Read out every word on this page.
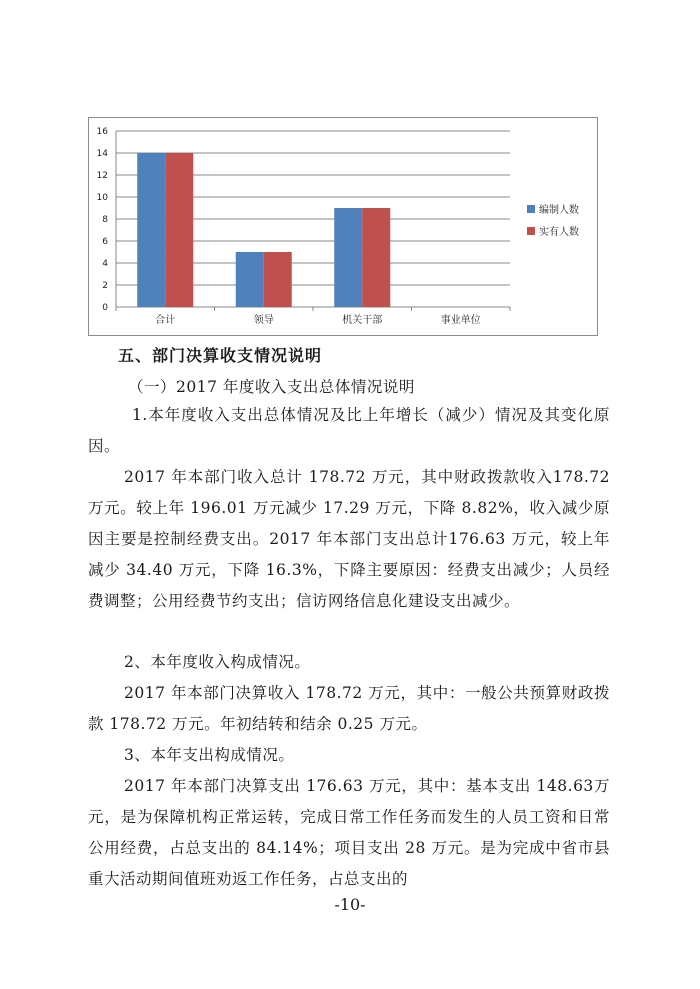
0
2
4
6
8
10
12
14
16
合计	领导	机关干部	事业单位
编制人数
实有人数
五、部门决算收支情况说明

（一）2017 年度收入支出总体情况说明

1.本年度收入支出总体情况及比上年增长（减少）情况及其变化原因。

2017 年本部门收入总计 178.72 万元，其中财政拨款收入178.72 万元。较上年 196.01 万元减少 17.29 万元，下降 8.82%，收入减少原因主要是控制经费支出。2017 年本部门支出总计176.63 万元，较上年减少 34.40 万元，下降 16.3%，下降主要原因：经费支出减少；人员经费调整；公用经费节约支出；信访网络信息化建设支出减少。

2、本年度收入构成情况。

2017 年本部门决算收入 178.72 万元，其中：一般公共预算财政拨款 178.72 万元。年初结转和结余 0.25 万元。

3、本年支出构成情况。

2017 年本部门决算支出 176.63 万元，其中：基本支出 148.63万元，是为保障机构正常运转，完成日常工作任务而发生的人员工资和日常公用经费，占总支出的 84.14%；项目支出 28 万元。是为完成中省市县重大活动期间值班劝返工作任务，占总支出的

-10-
